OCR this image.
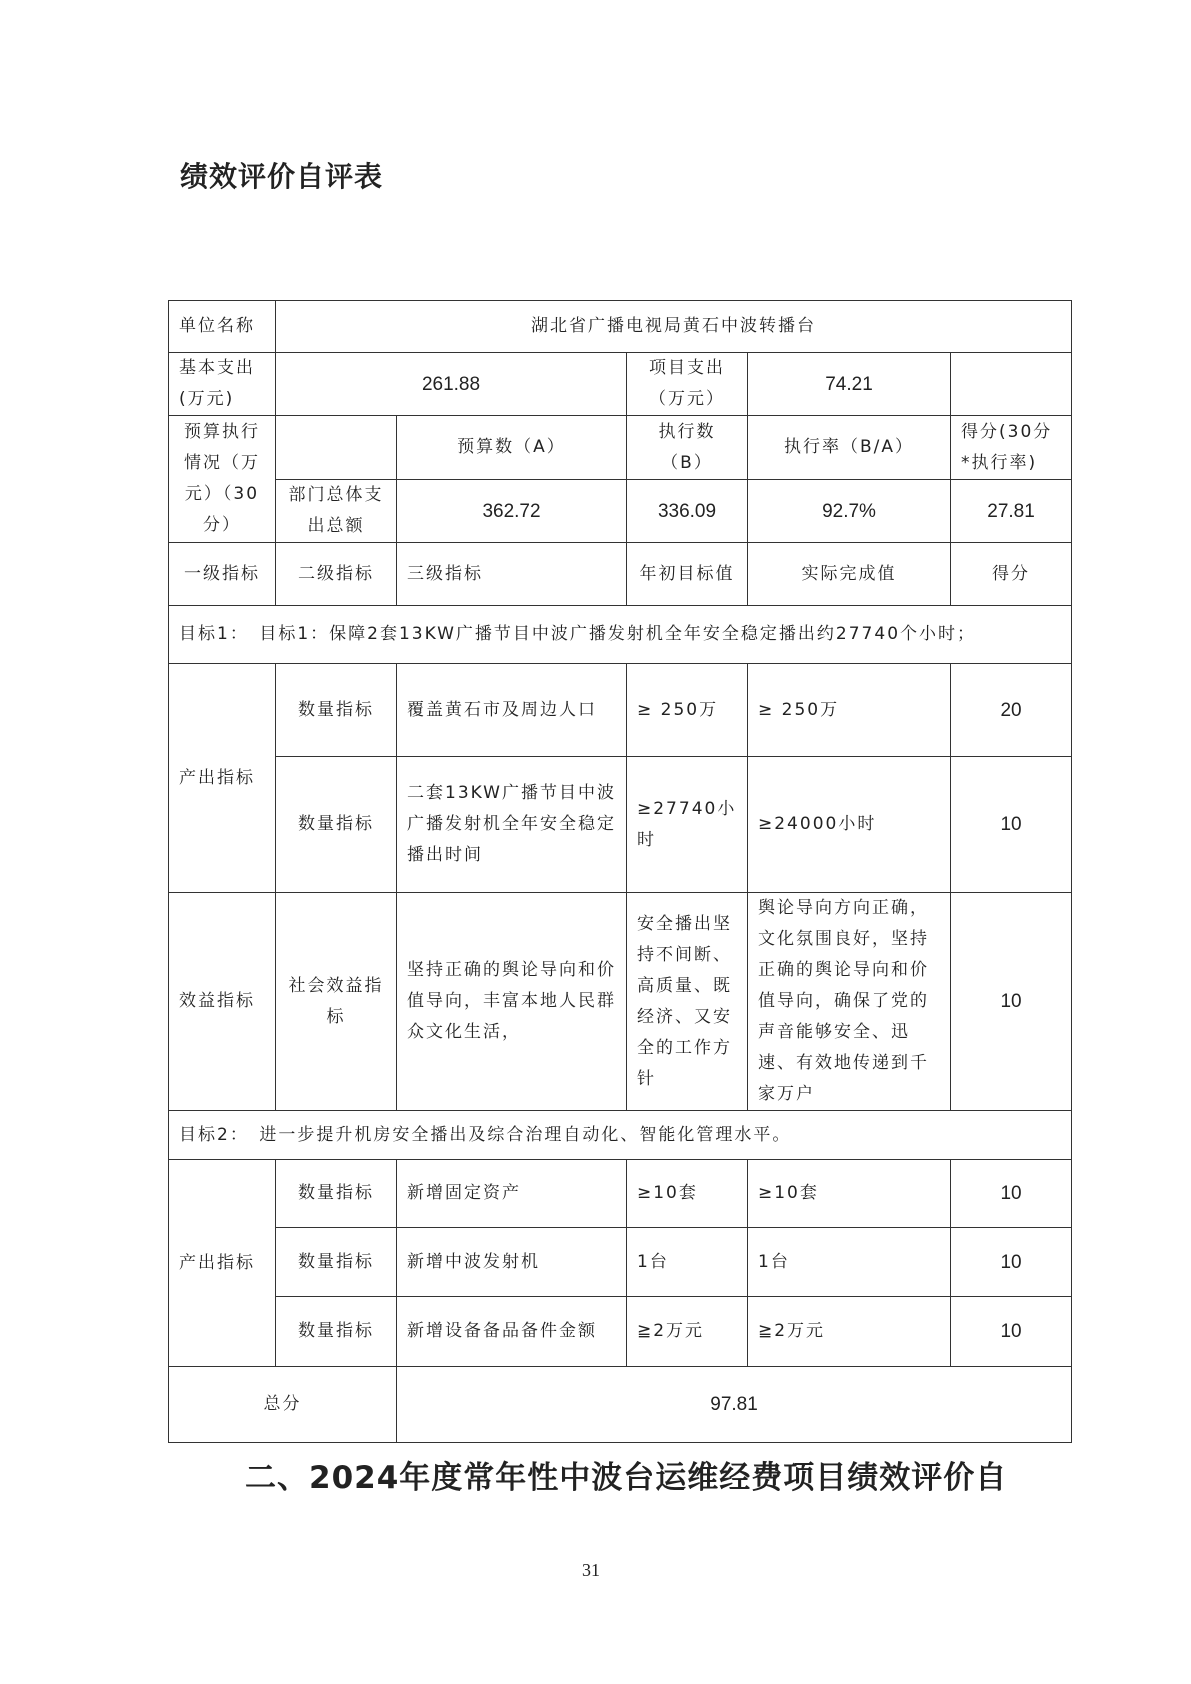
绩效评价自评表
单位名称	湖北省广播电视局黄石中波转播台				
基本支出(万元)	261.88		项目支出（万元）	74.21	
预算执行情况（万元）（30分）		预算数（A）	执行数（B）	执行率（B/A）	得分(30分*执行率)
	部门总体支出总额	362.72	336.09	92.7%	27.81
一级指标	二级指标	三级指标	年初目标值	实际完成值	得分
目标1：　目标1：保障2套13KW广播节目中波广播发射机全年安全稳定播出约27740个小时；					
产出指标	数量指标	覆盖黄石市及周边人口	≥ 250万	≥ 250万	20
	数量指标	二套13KW广播节目中波广播发射机全年安全稳定播出时间	≥27740小时	≥24000小时	10
效益指标	社会效益指标	坚持正确的舆论导向和价值导向，丰富本地人民群众文化生活，	安全播出坚持不间断、高质量、既经济、又安全的工作方针	舆论导向方向正确，文化氛围良好，坚持正确的舆论导向和价值导向，确保了党的声音能够安全、迅速、有效地传递到千家万户	10
目标2：　进一步提升机房安全播出及综合治理自动化、智能化管理水平。					
产出指标	数量指标	新增固定资产	≥10套	≥10套	10
	数量指标	新增中波发射机	1台	1台	10
	数量指标	新增设备备品备件金额	≧2万元	≧2万元	10
总分		97.81			
二、2024年度常年性中波台运维经费项目绩效评价自
31
